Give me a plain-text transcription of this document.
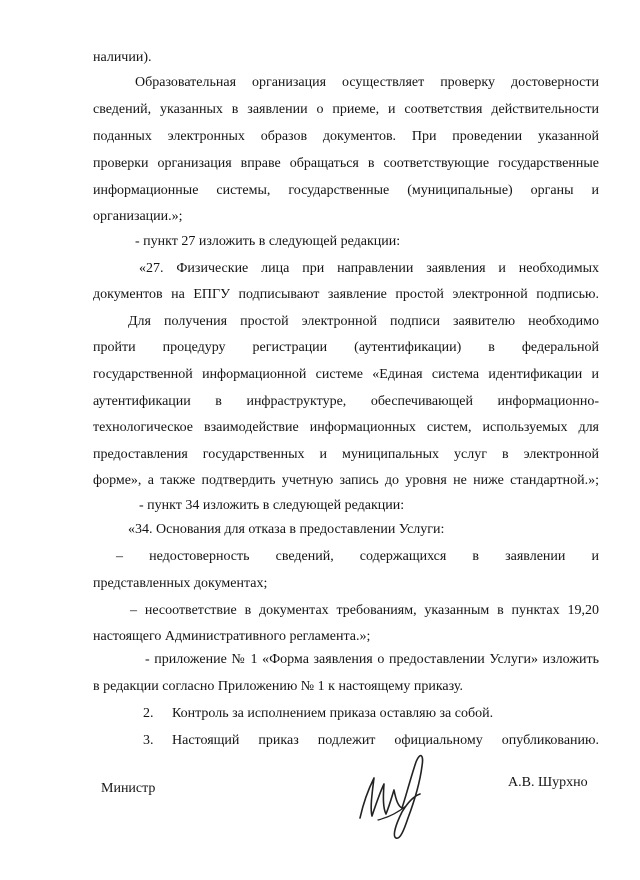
наличии).
Образовательная организация осуществляет проверку достоверности
сведений, указанных в заявлении о приеме, и соответствия действительности
поданных электронных образов документов. При проведении указанной
проверки организация вправе обращаться в соответствующие государственные
информационные системы, государственные (муниципальные) органы и
организации.»;
- пункт 27 изложить в следующей редакции:
«27. Физические лица при направлении заявления и необходимых
документов на ЕПГУ подписывают заявление простой электронной подписью.
Для получения простой электронной подписи заявителю необходимо
пройти процедуру регистрации (аутентификации) в федеральной
государственной информационной системе «Единая система идентификации и
аутентификации в инфраструктуре, обеспечивающей информационно-
технологическое взаимодействие информационных систем, используемых для
предоставления государственных и муниципальных услуг в электронной
форме», а также подтвердить учетную запись до уровня не ниже стандартной.»;
- пункт 34 изложить в следующей редакции:
«34. Основания для отказа в предоставлении Услуги:
– недостоверность сведений, содержащихся в заявлении и
представленных документах;
– несоответствие в документах требованиям, указанным в пунктах 19,20
настоящего Административного регламента.»;
- приложение № 1 «Форма заявления о предоставлении Услуги» изложить
в редакции согласно Приложению № 1 к настоящему приказу.
2. Контроль за исполнением приказа оставляю за собой.
3. Настоящий приказ подлежит официальному опубликованию.
Министр	А.В. Шурхно
